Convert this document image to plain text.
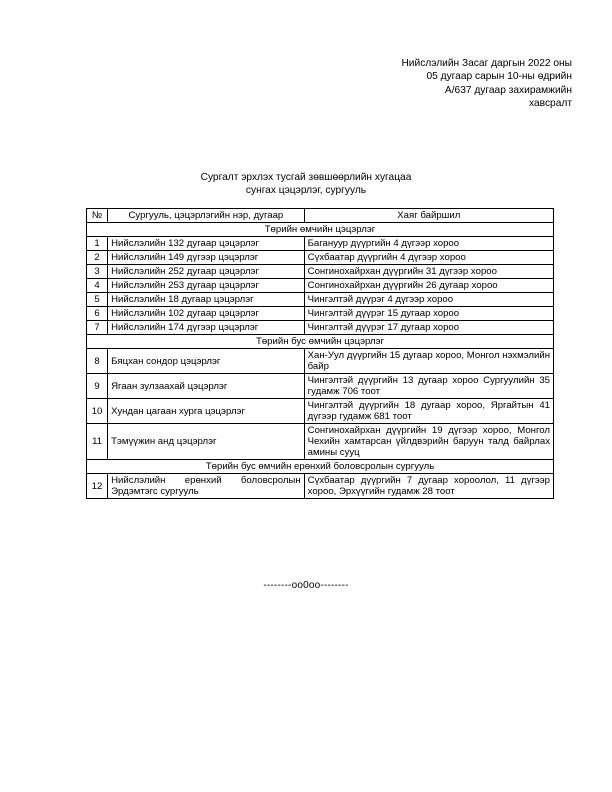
Нийслэлийн Засаг даргын 2022 оны
05 дугаар сарын 10-ны өдрийн
А/637 дугаар захирамжийн
хавсралт
Сургалт эрхлэх тусгай зөвшөөрлийн хугацаа
сунгах цэцэрлэг, сургууль
№	Сургууль, цэцэрлэгийн нэр, дугаар	Хаяг байршил
Төрийн өмчийн цэцэрлэг		
1	Нийслэлийн 132 дугаар цэцэрлэг	Багануур дүүргийн 4 дүгээр хороо
2	Нийслэлийн 149 дүгээр цэцэрлэг	Сүхбаатар дүүргийн 4 дүгээр хороо
3	Нийслэлийн 252 дугаар цэцэрлэг	Сонгинохайрхан дүүргийн 31 дүгээр хороо
4	Нийслэлийн 253 дугаар цэцэрлэг	Сонгинохайрхан дүүргийн 26 дугаар хороо
5	Нийслэлийн 18 дугаар цэцэрлэг	Чингэлтэй дүүрэг 4 дүгээр хороо
6	Нийслэлийн 102 дугаар цэцэрлэг	Чингэлтэй дүүрэг 15 дугаар хороо
7	Нийслэлийн 174 дүгээр цэцэрлэг	Чингэлтэй дүүрэг 17 дугаар хороо
Төрийн бус өмчийн цэцэрлэг		
8	Бяцхан сондор цэцэрлэг	Хан-Уул дүүргийн 15 дугаар хороо, Монгол нэхмэлийн байр
9	Ягаан зулзаахай цэцэрлэг	Чингэлтэй дүүргийн 13 дугаар хороо Сургуулийн 35 гудамж 706 тоот
10	Хундан цагаан хурга цэцэрлэг	Чингэлтэй дүүргийн 18 дугаар хороо, Яргайтын 41 дүгээр гудамж 681 тоот
11	Тэмүүжин анд цэцэрлэг	Сонгинохайрхан дүүргийн 19 дүгээр хороо, Монгол Чехийн хамтарсан үйлдвэрийн баруун талд байрлах амины сууц
Төрийн бус өмчийн ерөнхий боловсролын сургууль		
12	Нийслэлийн ерөнхий боловсролын Эрдэмтэгс сургууль	Сүхбаатар дүүргийн 7 дугаар хороолол, 11 дүгээр хороо, Эрхүүгийн гудамж 28 тоот
--------оо0оо--------
